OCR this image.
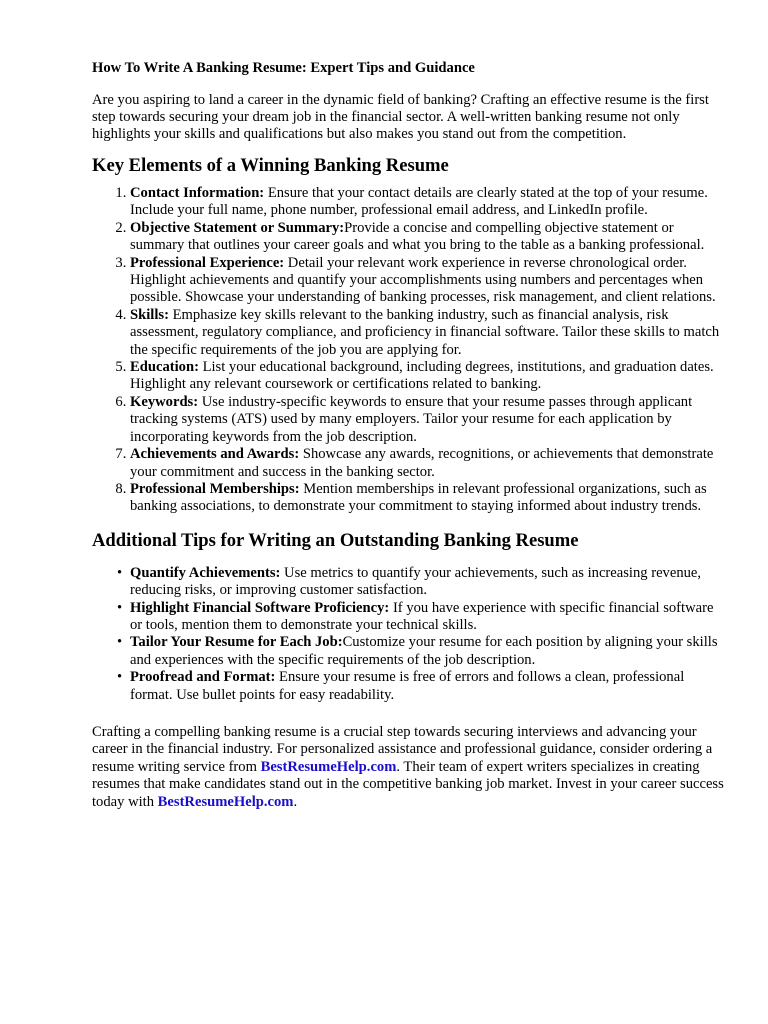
How To Write A Banking Resume: Expert Tips and Guidance

Are you aspiring to land a career in the dynamic field of banking? Crafting an effective resume is the first step towards securing your dream job in the financial sector. A well-written banking resume not only highlights your skills and qualifications but also makes you stand out from the competition.

Key Elements of a Winning Banking Resume
1. Contact Information: Ensure that your contact details are clearly stated at the top of your resume. Include your full name, phone number, professional email address, and LinkedIn profile.
2. Objective Statement or Summary:Provide a concise and compelling objective statement or summary that outlines your career goals and what you bring to the table as a banking professional.
3. Professional Experience: Detail your relevant work experience in reverse chronological order. Highlight achievements and quantify your accomplishments using numbers and percentages when possible. Showcase your understanding of banking processes, risk management, and client relations.
4. Skills: Emphasize key skills relevant to the banking industry, such as financial analysis, risk assessment, regulatory compliance, and proficiency in financial software. Tailor these skills to match the specific requirements of the job you are applying for.
5. Education: List your educational background, including degrees, institutions, and graduation dates. Highlight any relevant coursework or certifications related to banking.
6. Keywords: Use industry-specific keywords to ensure that your resume passes through applicant tracking systems (ATS) used by many employers. Tailor your resume for each application by incorporating keywords from the job description.
7. Achievements and Awards: Showcase any awards, recognitions, or achievements that demonstrate your commitment and success in the banking sector.
8. Professional Memberships: Mention memberships in relevant professional organizations, such as banking associations, to demonstrate your commitment to staying informed about industry trends.
Additional Tips for Writing an Outstanding Banking Resume
• Quantify Achievements: Use metrics to quantify your achievements, such as increasing revenue, reducing risks, or improving customer satisfaction.
• Highlight Financial Software Proficiency: If you have experience with specific financial software or tools, mention them to demonstrate your technical skills.
• Tailor Your Resume for Each Job:Customize your resume for each position by aligning your skills and experiences with the specific requirements of the job description.
• Proofread and Format: Ensure your resume is free of errors and follows a clean, professional format. Use bullet points for easy readability.

Crafting a compelling banking resume is a crucial step towards securing interviews and advancing your career in the financial industry. For personalized assistance and professional guidance, consider ordering a resume writing service from BestResumeHelp.com. Their team of expert writers specializes in creating resumes that make candidates stand out in the competitive banking job market. Invest in your career success today with BestResumeHelp.com.
